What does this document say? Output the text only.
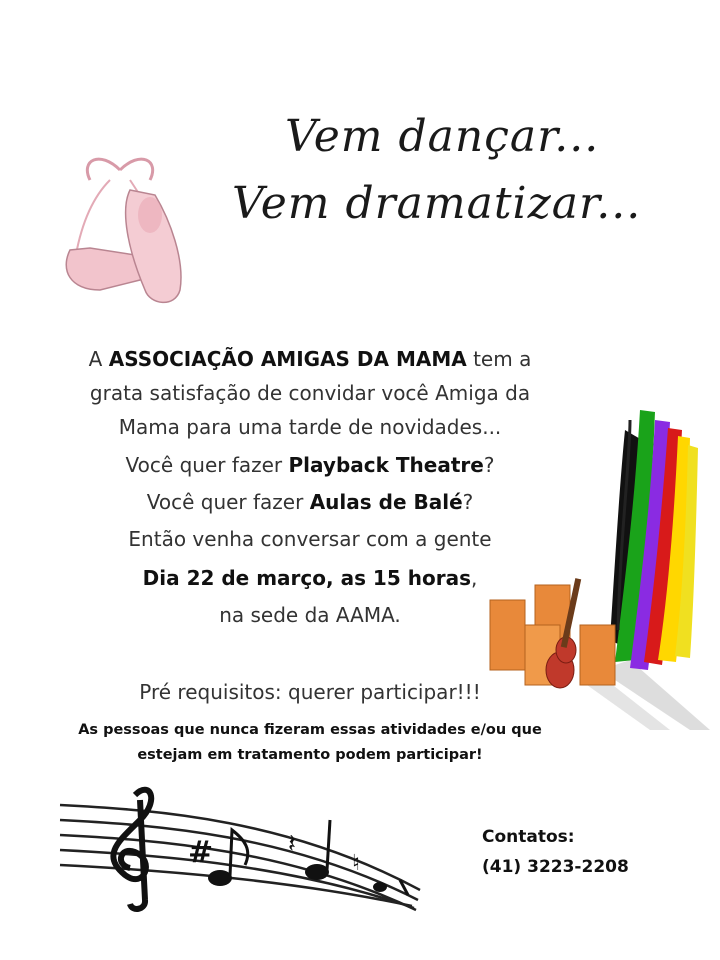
Vem dançar...
Vem dramatizar...
A ASSOCIAÇÃO AMIGAS DA MAMA tem a
grata satisfação de convidar você Amiga da
Mama para uma tarde de novidades...
Você quer fazer Playback Theatre?
Você quer fazer Aulas de Balé?
Então venha conversar com a gente
Dia 22 de março, as 15 horas,
na sede da AAMA.
Pré requisitos: querer participar!!!
As pessoas que nunca fizeram essas atividades e/ou que
estejam em tratamento podem participar!
#	𝄽
♮
Contatos:
(41) 3223-2208
